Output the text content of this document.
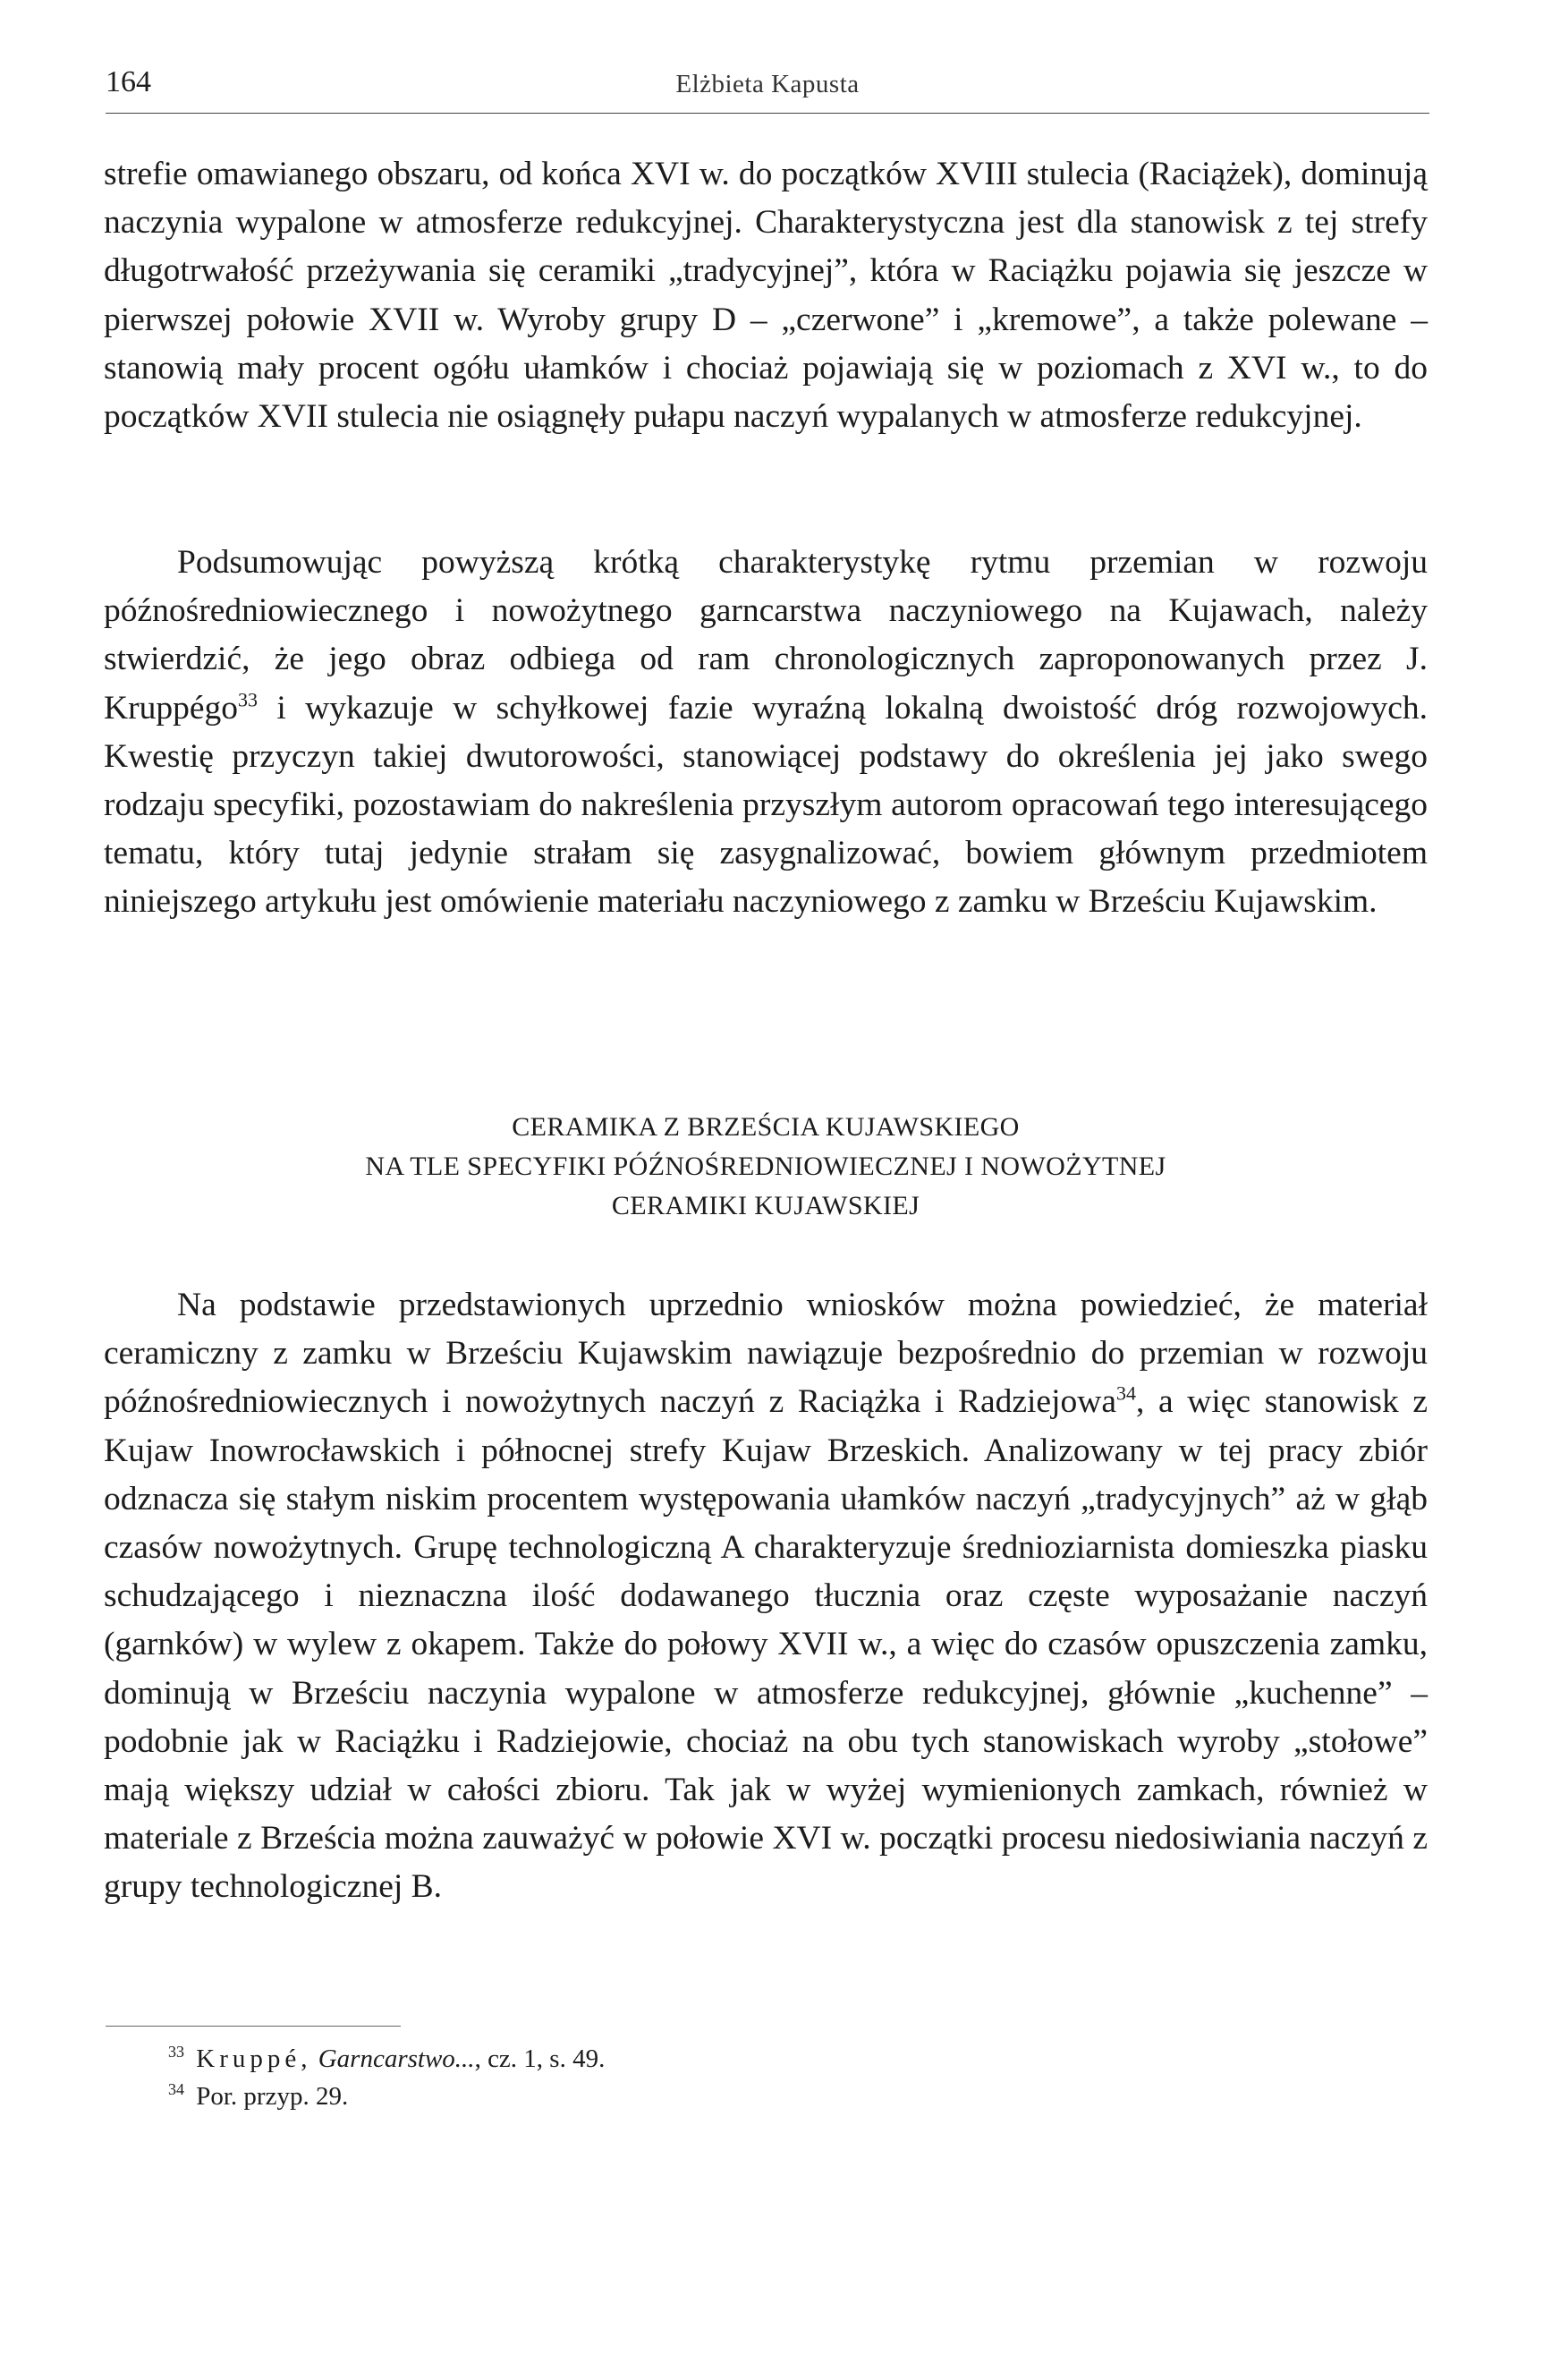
164	Elżbieta Kapusta

strefie omawianego obszaru, od końca XVI w. do początków XVIII stulecia (Raciążek), dominują naczynia wypalone w atmosferze redukcyjnej. Charakterystyczna jest dla stanowisk z tej strefy długotrwałość przeżywania się ceramiki „tradycyjnej”, która w Raciążku pojawia się jeszcze w pierwszej połowie XVII w. Wyroby grupy D – „czerwone” i „kremowe”, a także polewane – stanowią mały procent ogółu ułamków i chociaż pojawiają się w poziomach z XVI w., to do początków XVII stulecia nie osiągnęły pułapu naczyń wypalanych w atmosferze redukcyjnej.

Podsumowując powyższą krótką charakterystykę rytmu przemian w rozwoju późnośredniowiecznego i nowożytnego garncarstwa naczyniowego na Kujawach, należy stwierdzić, że jego obraz odbiega od ram chronologicznych zaproponowanych przez J. Kruppégo$^{33}$ i wykazuje w schyłkowej fazie wyraźną lokalną dwoistość dróg rozwojowych. Kwestię przyczyn takiej dwutorowości, stanowiącej podstawy do określenia jej jako swego rodzaju specyfiki, pozostawiam do nakreślenia przyszłym autorom opracowań tego interesującego tematu, który tutaj jedynie strałam się zasygnalizować, bowiem głównym przedmiotem niniejszego artykułu jest omówienie materiału naczyniowego z zamku w Brześciu Kujawskim.

CERAMIKA Z BRZEŚCIA KUJAWSKIEGO
NA TLE SPECYFIKI PÓŹNOŚREDNIOWIECZNEJ I NOWOŻYTNEJ
CERAMIKI KUJAWSKIEJ

Na podstawie przedstawionych uprzednio wniosków można powiedzieć, że materiał ceramiczny z zamku w Brześciu Kujawskim nawiązuje bezpośrednio do przemian w rozwoju późnośredniowiecznych i nowożytnych naczyń z Raciążka i Radziejowa$^{34}$, a więc stanowisk z Kujaw Inowrocławskich i północnej strefy Kujaw Brzeskich. Analizowany w tej pracy zbiór odznacza się stałym niskim procentem występowania ułamków naczyń „tradycyjnych” aż w głąb czasów nowożytnych. Grupę technologiczną A charakteryzuje średnioziarnista domieszka piasku schudzającego i nieznaczna ilość dodawanego tłucznia oraz częste wyposażanie naczyń (garnków) w wylew z okapem. Także do połowy XVII w., a więc do czasów opuszczenia zamku, dominują w Brześciu naczynia wypalone w atmosferze redukcyjnej, głównie „kuchenne” – podobnie jak w Raciążku i Radziejowie, chociaż na obu tych stanowiskach wyroby „stołowe” mają większy udział w całości zbioru. Tak jak w wyżej wymienionych zamkach, również w materiale z Brześcia można zauważyć w połowie XVI w. początki procesu niedosiwiania naczyń z grupy technologicznej B.

$^{33}$ Kruppé, Garncarstwo..., cz. 1, s. 49.
$^{34}$ Por. przyp. 29.
